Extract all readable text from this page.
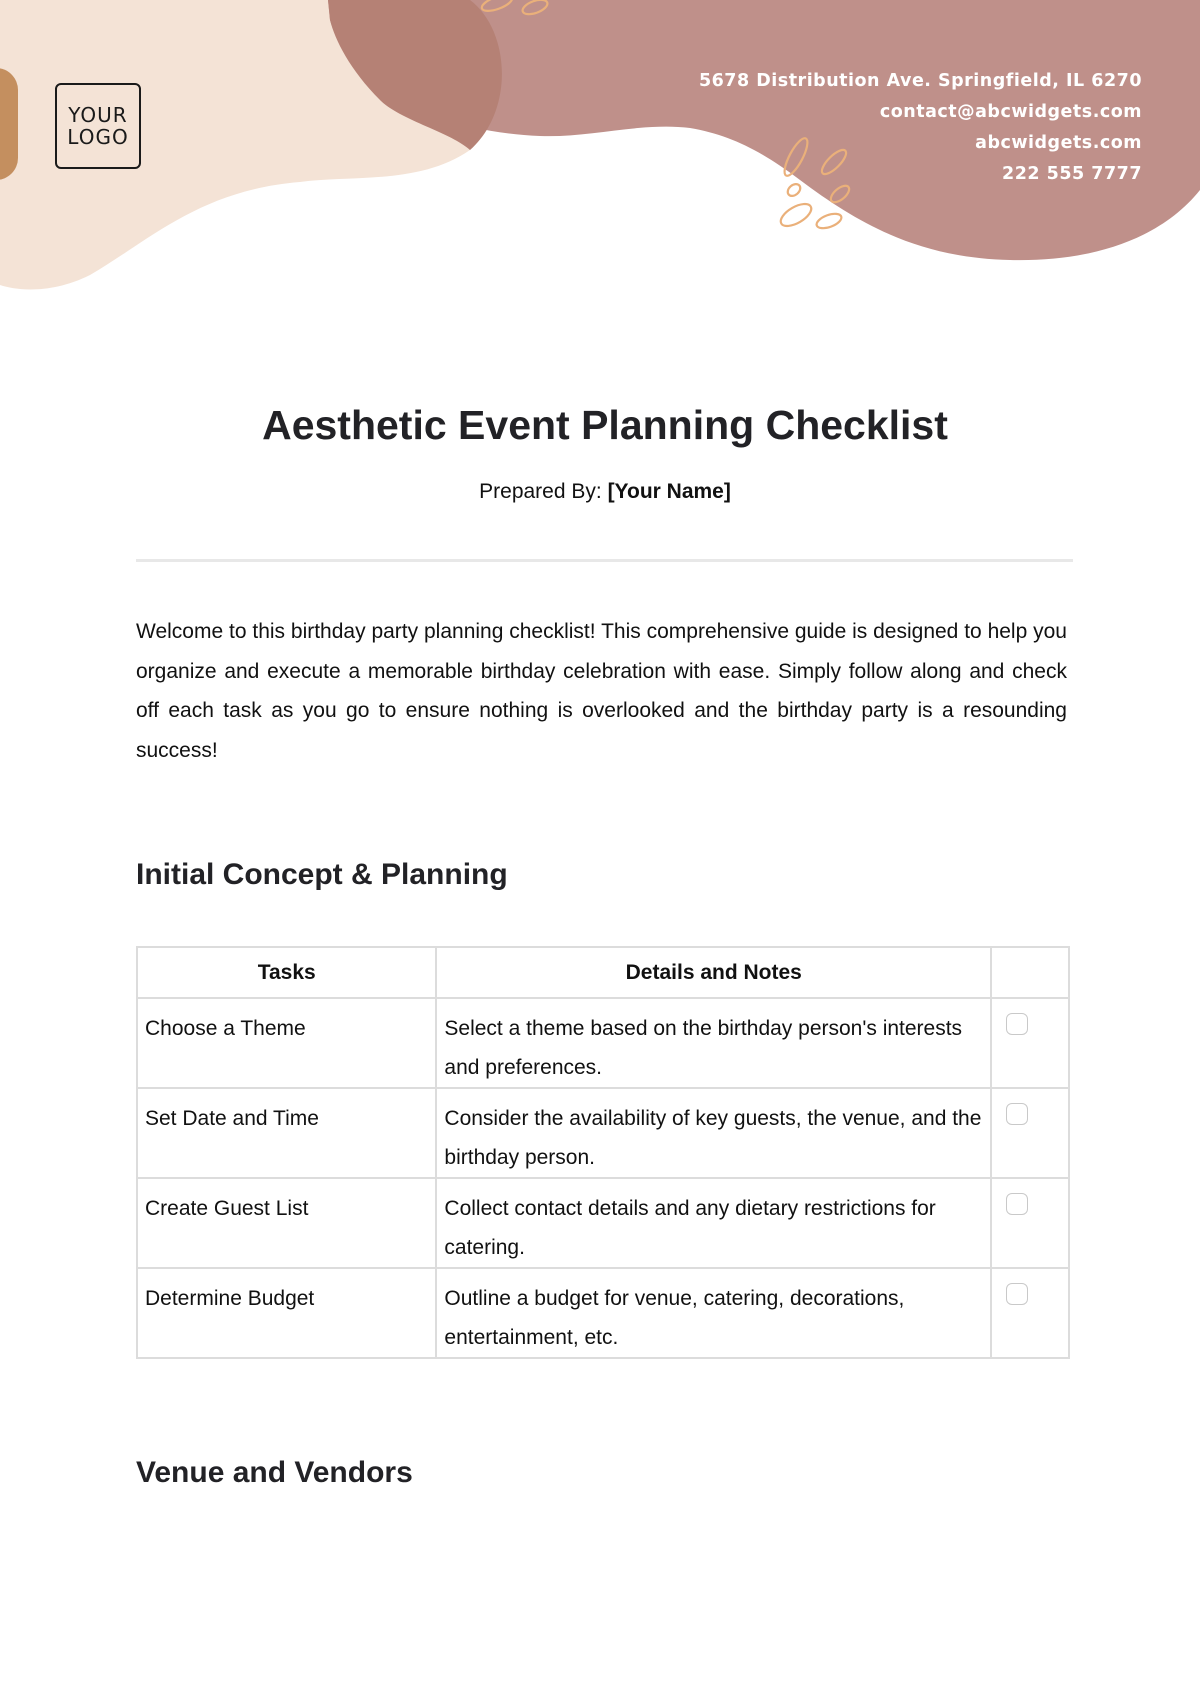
YOUR
LOGO
5678 Distribution Ave. Springfield, IL 6270
contact@abcwidgets.com
abcwidgets.com
222 555 7777
Aesthetic Event Planning Checklist
Prepared By: [Your Name]

Welcome to this birthday party planning checklist! This comprehensive guide is designed to help you organize and execute a memorable birthday celebration with ease. Simply follow along and check off each task as you go to ensure nothing is overlooked and the birthday party is a resounding success!

Initial Concept & Planning
Tasks	Details and Notes	
Choose a Theme	Select a theme based on the birthday person's interests and preferences.	

Set Date and Time	Consider the availability of key guests, the venue, and the birthday person.	

Create Guest List	Collect contact details and any dietary restrictions for catering.	

Determine Budget	Outline a budget for venue, catering, decorations, entertainment, etc.	
Venue and Vendors
